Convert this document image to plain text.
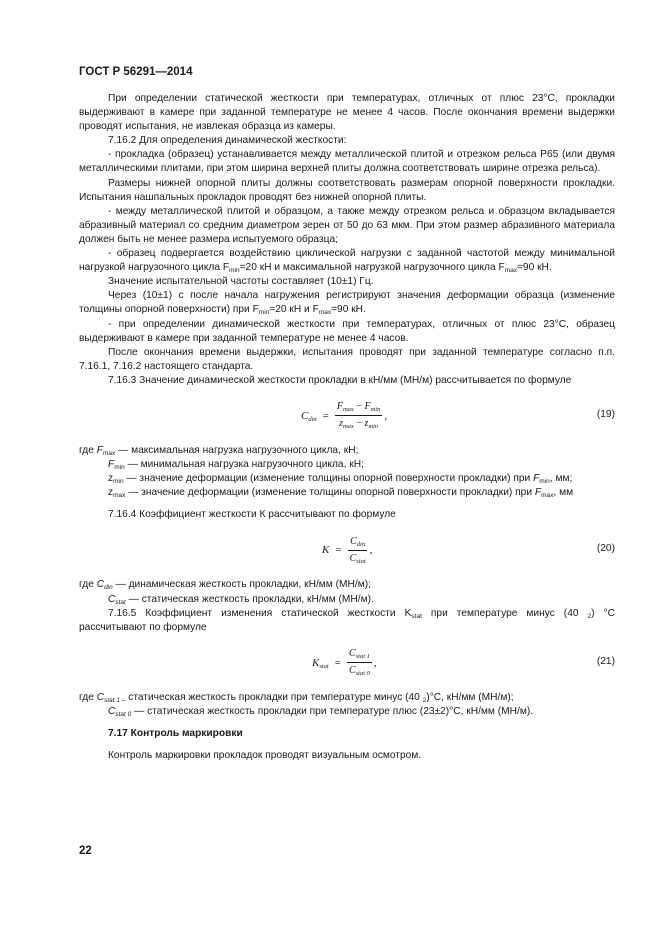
ГОСТ Р 56291—2014

При определении статической жесткости при температурах, отличных от плюс 23°С, прокладки выдерживают в камере при заданной температуре не менее 4 часов. После окончания времени выдержки проводят испытания, не извлекая образца из камеры.

7.16.2 Для определения динамической жесткости:

- прокладка (образец) устанавливается между металлической плитой и отрезком рельса Р65 (или двумя металлическими плитами, при этом ширина верхней плиты должна соответствовать ширине отрезка рельса).

Размеры нижней опорной плиты должны соответствовать размерам опорной поверхности прокладки. Испытания нашпальных прокладок проводят без нижней опорной плиты.

- между металлической плитой и образцом, а также между отрезком рельса и образцом вкладывается абразивный материал со средним диаметром зерен от 50 до 63 мкм. При этом размер абразивного материала должен быть не менее размера испытуемого образца;

- образец подвергается воздействию циклической нагрузки с заданной частотой между минимальной нагрузкой нагрузочного цикла $F_{min}=20$ кН и максимальной нагрузкой нагрузочного цикла $F_{max}=90$ кН.

Значение испытательной частоты составляет (10±1) Гц.

Через (10±1) с после начала нагружения регистрируют значения деформации образца (изменение толщины опорной поверхности) при $F_{min}=20$ кН и $F_{max}=90$ кН.

- при определении динамической жесткости при температурах, отличных от плюс 23°С, образец выдерживают в камере при заданной температуре не менее 4 часов.

После окончания времени выдержки, испытания проводят при заданной температуре согласно п.п. 7.16.1, 7.16.2 настоящего стандарта.

7.16.3 Значение динамической жесткости прокладки в кН/мм (МН/м) рассчитывается по формуле

$C_{din} = \frac{F_{max} - F_{min}}{z_{max} - z_{min}}$ ,	(19)

где $F_{max}$ — максимальная нагрузка нагрузочного цикла, кН;

$F_{min}$ — минимальная нагрузка нагрузочного цикла, кН;

$z_{min}$ — значение деформации (изменение толщины опорной поверхности прокладки) при $F_{min}$, мм;

$z_{max}$ — значение деформации (изменение толщины опорной поверхности прокладки) при $F_{max}$, мм

7.16.4 Коэффициент жесткости К рассчитывают по формуле

$K = \frac{C_{din}}{C_{stat}}$ ,	(20)

где $C_{din}$ — динамическая жесткость прокладки, кН/мм (МН/м);

$C_{stat}$ — статическая жесткость прокладки, кН/мм (МН/м).

7.16.5 Коэффициент изменения статической жесткости $K_{stat}$ при температуре минус (40 $_2$) °С рассчитывают по формуле

$K_{stat} = \frac{C_{stat 1}}{C_{stat 0}}$ ,	(21)

где $C_{stat 1 -}$ статическая жесткость прокладки при температуре минус (40 $_2$)°С, кН/мм (МН/м);

$C_{stat 0}$ — статическая жесткость прокладки при температуре плюс (23±2)°С, кН/мм (МН/м).

7.17 Контроль маркировки

Контроль маркировки прокладок проводят визуальным осмотром.

22
